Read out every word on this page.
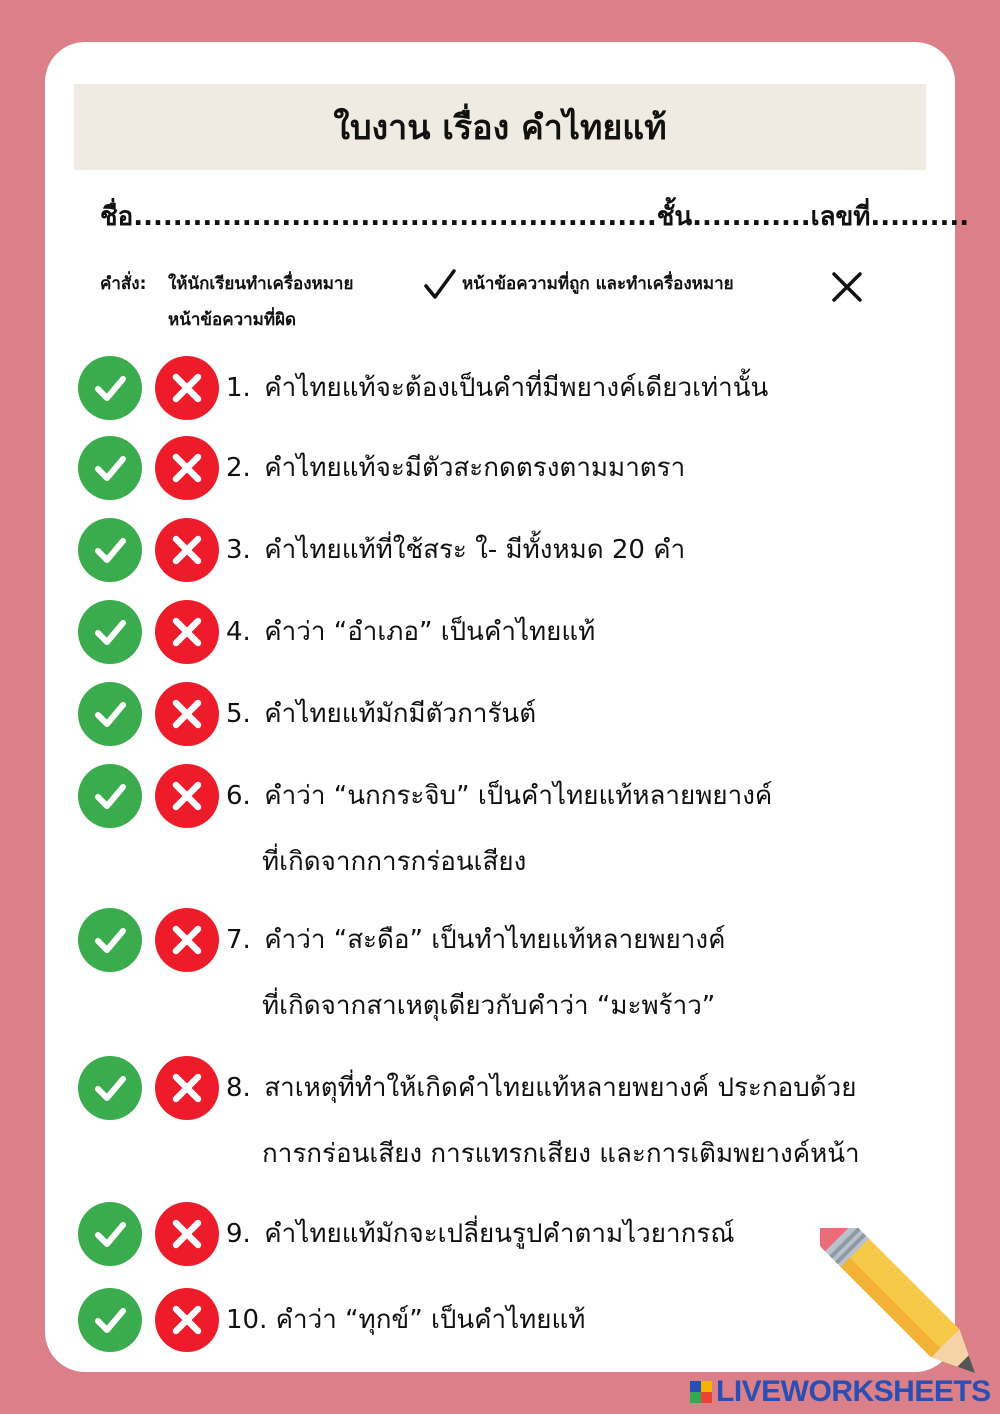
ใบงาน เรื่อง คำไทยแท้
ชื่อ.....................................................ชั้น............เลขที่..........
คำสั่ง: ให้นักเรียนทำเครื่องหมาย	หน้าข้อความที่ถูก และทำเครื่องหมาย
หน้าข้อความที่ผิด
1. คำไทยแท้จะต้องเป็นคำที่มีพยางค์เดียวเท่านั้น
2. คำไทยแท้จะมีตัวสะกดตรงตามมาตรา
3. คำไทยแท้ที่ใช้สระ ใ- มีทั้งหมด 20 คำ
4. คำว่า “อำเภอ” เป็นคำไทยแท้
5. คำไทยแท้มักมีตัวการันต์
6. คำว่า “นกกระจิบ” เป็นคำไทยแท้หลายพยางค์
ที่เกิดจากการกร่อนเสียง
7. คำว่า “สะดือ” เป็นทำไทยแท้หลายพยางค์
ที่เกิดจากสาเหตุเดียวกับคำว่า “มะพร้าว”
8. สาเหตุที่ทำให้เกิดคำไทยแท้หลายพยางค์ ประกอบด้วย
การกร่อนเสียง การแทรกเสียง และการเติมพยางค์หน้า
9. คำไทยแท้มักจะเปลี่ยนรูปคำตามไวยากรณ์
10. คำว่า “ทุกข์” เป็นคำไทยแท้
LIVEWORKSHEETS
